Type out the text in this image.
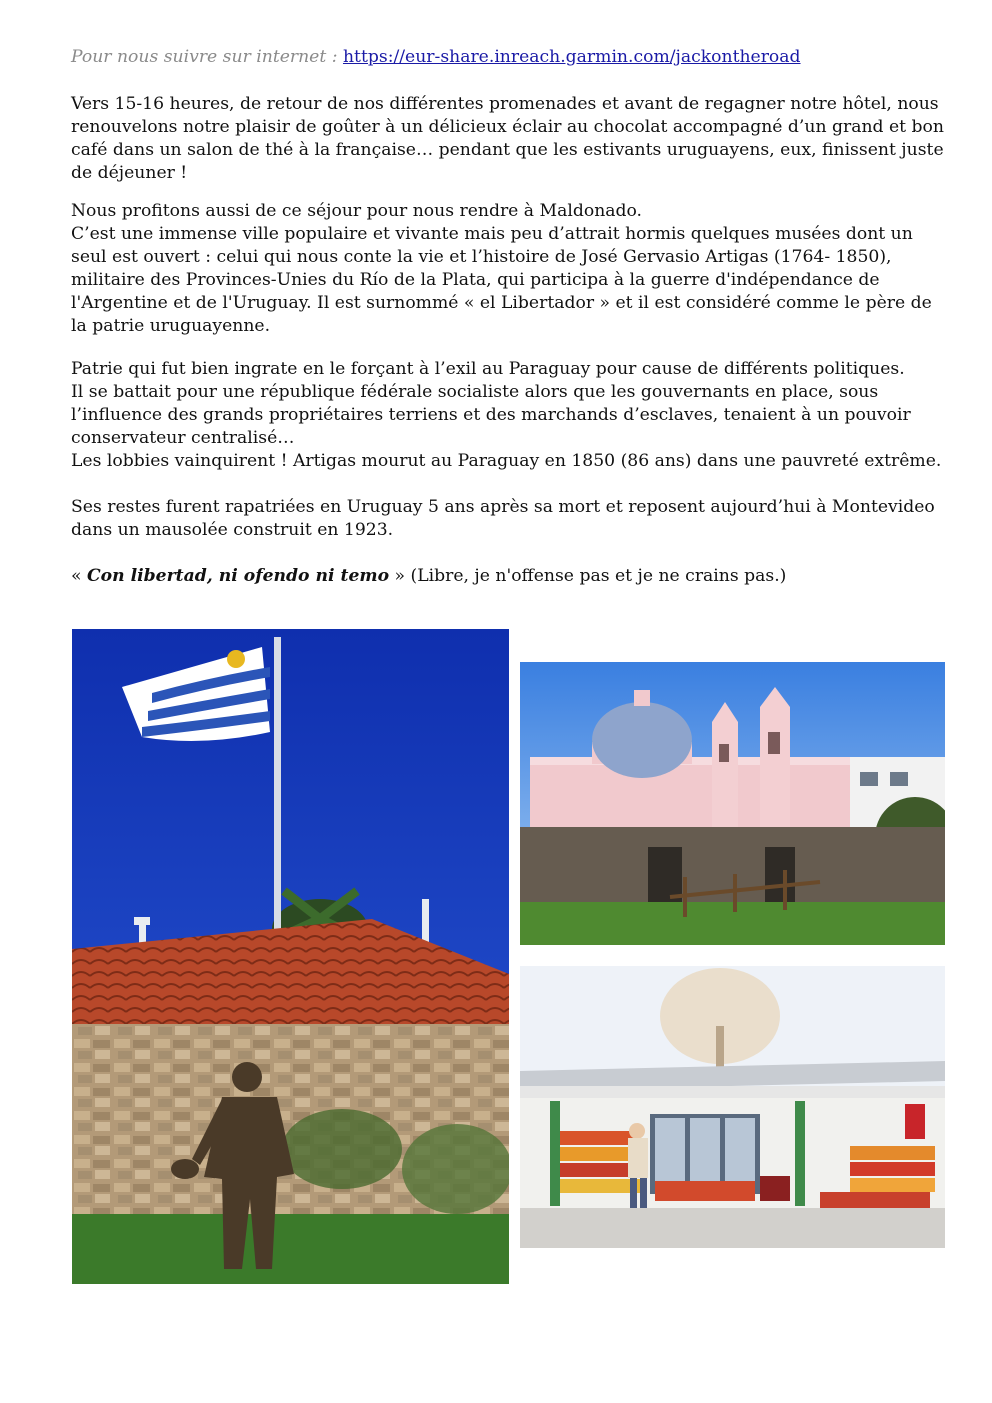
Pour nous suivre sur internet : https://eur-share.inreach.garmin.com/jackontheroad

Vers 15-16 heures, de retour de nos différentes promenades et avant de regagner notre hôtel, nous
renouvelons notre plaisir de goûter à un délicieux éclair au chocolat accompagné d’un grand et bon
café dans un salon de thé à la française… pendant que les estivants uruguayens, eux, finissent juste
de déjeuner !

Nous profitons aussi de ce séjour pour nous rendre à Maldonado.
C’est une immense ville populaire et vivante mais peu d’attrait hormis quelques musées dont un
seul est ouvert : celui qui nous conte la vie et l’histoire de José Gervasio Artigas (1764- 1850),
militaire des Provinces-Unies du Río de la Plata, qui participa à la guerre d'indépendance de
l'Argentine et de l'Uruguay. Il est surnommé « el Libertador » et il est considéré comme le père de
la patrie uruguayenne.

Patrie qui fut bien ingrate en le forçant à l’exil au Paraguay pour cause de différents politiques.
Il se battait pour une république fédérale socialiste alors que les gouvernants en place, sous
l’influence des grands propriétaires terriens et des marchands d’esclaves, tenaient à un pouvoir
conservateur centralisé…
Les lobbies vainquirent ! Artigas mourut au Paraguay en 1850 (86 ans) dans une pauvreté extrême.

Ses restes furent rapatriées en Uruguay 5 ans après sa mort et reposent aujourd’hui à Montevideo
dans un mausolée construit en 1923.

« Con libertad, ni ofendo ni temo » (Libre, je n'offense pas et je ne crains pas.)
